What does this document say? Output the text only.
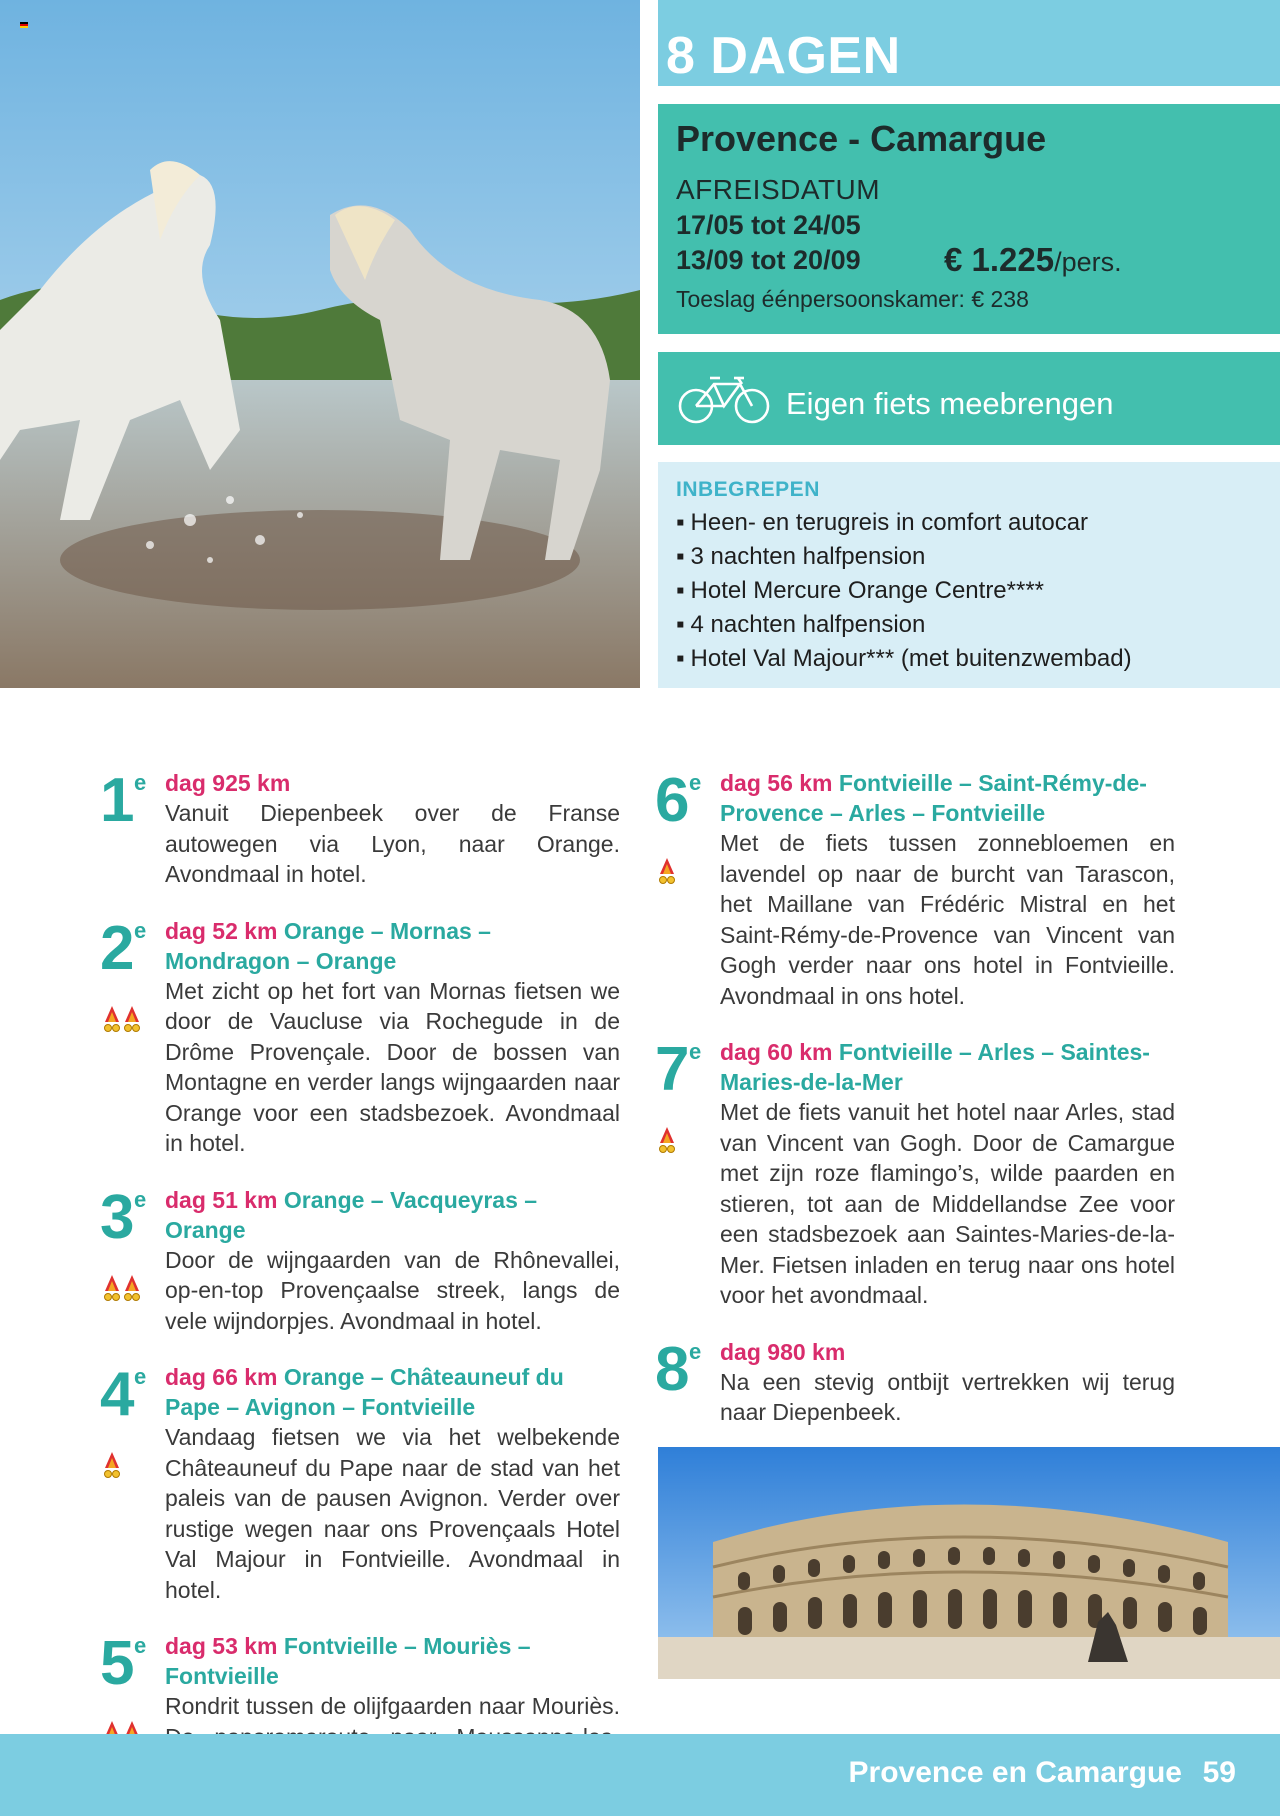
8 DAGEN
Provence - Camargue
AFREISDATUM
17/05 tot 24/05
13/09 tot 20/09	€ 1.225/pers.
Toeslag éénpersoonskamer: € 238
Eigen fiets meebrengen
INBEGREPEN
▪ Heen- en terugreis in comfort autocar
▪ 3 nachten halfpension
▪ Hotel Mercure Orange Centre****
▪ 4 nachten halfpension
▪ Hotel Val Majour*** (met buitenzwembad)
1 e dag 925 km
Vanuit Diepenbeek over de Franse autowegen via Lyon, naar Orange. Avondmaal in hotel.
2 e dag 52 km Orange – Mornas – Mondragon – Orange
Met zicht op het fort van Mornas fietsen we door de Vaucluse via Rochegude in de Drôme Provençale. Door de bossen van Montagne en verder langs wijngaarden naar Orange voor een stadsbezoek. Avondmaal in hotel.
3 e dag 51 km Orange – Vacqueyras – Orange
Door de wijngaarden van de Rhônevallei, op-en-top Provençaalse streek, langs de vele wijndorpjes. Avondmaal in hotel.
4 e dag 66 km Orange – Châteauneuf du Pape – Avignon – Fontvieille
Vandaag fietsen we via het welbekende Châteauneuf du Pape naar de stad van het paleis van de pausen Avignon. Verder over rustige wegen naar ons Provençaals Hotel Val Majour in Fontvieille. Avondmaal in hotel.
5 e dag 53 km Fontvieille – Mouriès – Fontvieille
Rondrit tussen de olijfgaarden naar Mouriès.
6 e dag 56 km Fontvieille – Saint-Rémy-de-Provence – Arles – Fontvieille
Met de fiets tussen zonnebloemen en lavendel op naar de burcht van Tarascon, het Maillane van Frédéric Mistral en het Saint-Rémy-de-Provence van Vincent van Gogh verder naar ons hotel in Fontvieille. Avondmaal in ons hotel.
7 e dag 60 km Fontvieille – Arles – Saintes-Maries-de-la-Mer
Met de fiets vanuit het hotel naar Arles, stad van Vincent van Gogh. Door de Camargue met zijn roze flamingo’s, wilde paarden en stieren, tot aan de Middellandse Zee voor een stadsbezoek aan Saintes-Maries-de-la-Mer. Fietsen inladen en terug naar ons hotel voor het avondmaal.
8 e dag 980 km
Na een stevig ontbijt vertrekken wij terug naar Diepenbeek.
Provence en Camargue 59
